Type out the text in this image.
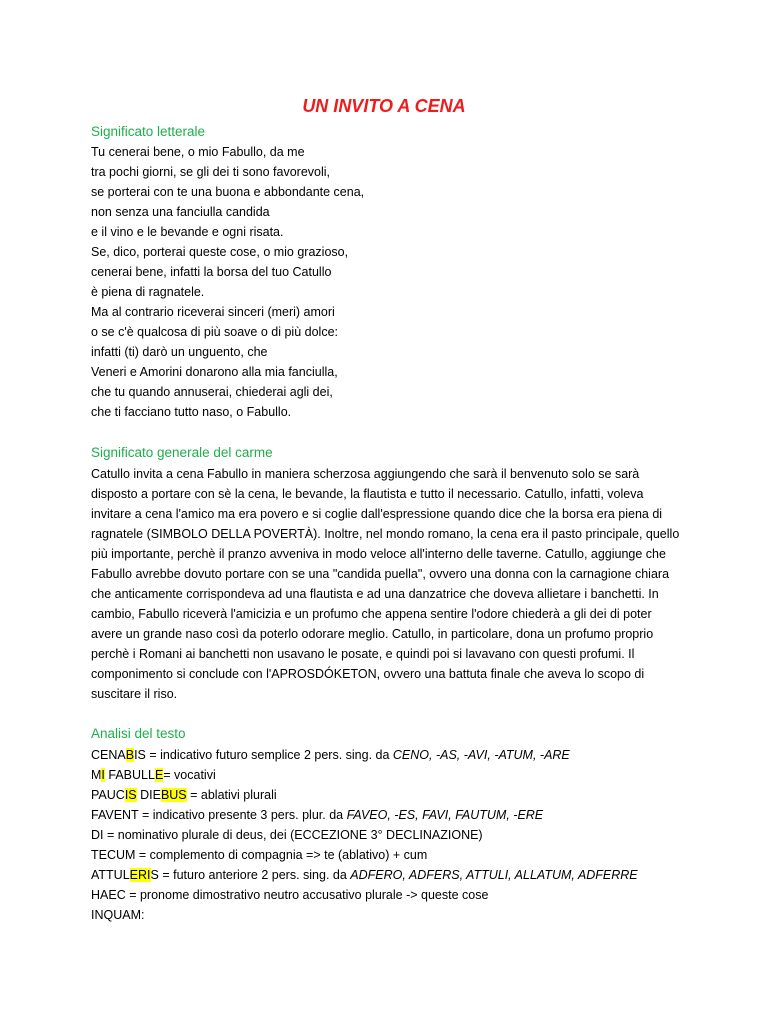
UN INVITO A CENA
Significato letterale
Tu cenerai bene, o mio Fabullo, da me
tra pochi giorni, se gli dei ti sono favorevoli,
se porterai con te una buona e abbondante cena,
non senza una fanciulla candida
e il vino e le bevande e ogni risata.
Se, dico, porterai queste cose, o mio grazioso,
cenerai bene, infatti la borsa del tuo Catullo
è piena di ragnatele.
Ma al contrario riceverai sinceri (meri) amori
o se c'è qualcosa di più soave o di più dolce:
infatti (ti) darò un unguento, che
Veneri e Amorini donarono alla mia fanciulla,
che tu quando annuserai, chiederai agli dei,
che ti facciano tutto naso, o Fabullo.
Significato generale del carme
Catullo invita a cena Fabullo in maniera scherzosa aggiungendo che sarà il benvenuto solo se sarà
disposto a portare con sè la cena, le bevande, la flautista e tutto il necessario. Catullo, infatti, voleva
invitare a cena l'amico ma era povero e si coglie dall'espressione quando dice che la borsa era piena di
ragnatele (SIMBOLO DELLA POVERTÀ). Inoltre, nel mondo romano, la cena era il pasto principale, quello
più importante, perchè il pranzo avveniva in modo veloce all'interno delle taverne. Catullo, aggiunge che
Fabullo avrebbe dovuto portare con se una "candida puella", ovvero una donna con la carnagione chiara
che anticamente corrispondeva ad una flautista e ad una danzatrice che doveva allietare i banchetti. In
cambio, Fabullo riceverà l'amicizia e un profumo che appena sentire l'odore chiederà a gli dei di poter
avere un grande naso così da poterlo odorare meglio. Catullo, in particolare, dona un profumo proprio
perchè i Romani ai banchetti non usavano le posate, e quindi poi si lavavano con questi profumi. Il
componimento si conclude con l'APROSDÓKETON, ovvero una battuta finale che aveva lo scopo di
suscitare il riso.
Analisi del testo
CENABIS = indicativo futuro semplice 2 pers. sing. da CENO, -AS, -AVI, -ATUM, -ARE
MI FABULLE= vocativi
PAUCIS DIEBUS = ablativi plurali
FAVENT = indicativo presente 3 pers. plur. da FAVEO, -ES, FAVI, FAUTUM, -ERE
DI = nominativo plurale di deus, dei (ECCEZIONE 3° DECLINAZIONE)
TECUM = complemento di compagnia => te (ablativo) + cum
ATTULERIS = futuro anteriore 2 pers. sing. da ADFERO, ADFERS, ATTULI, ALLATUM, ADFERRE
HAEC = pronome dimostrativo neutro accusativo plurale -> queste cose
INQUAM:
